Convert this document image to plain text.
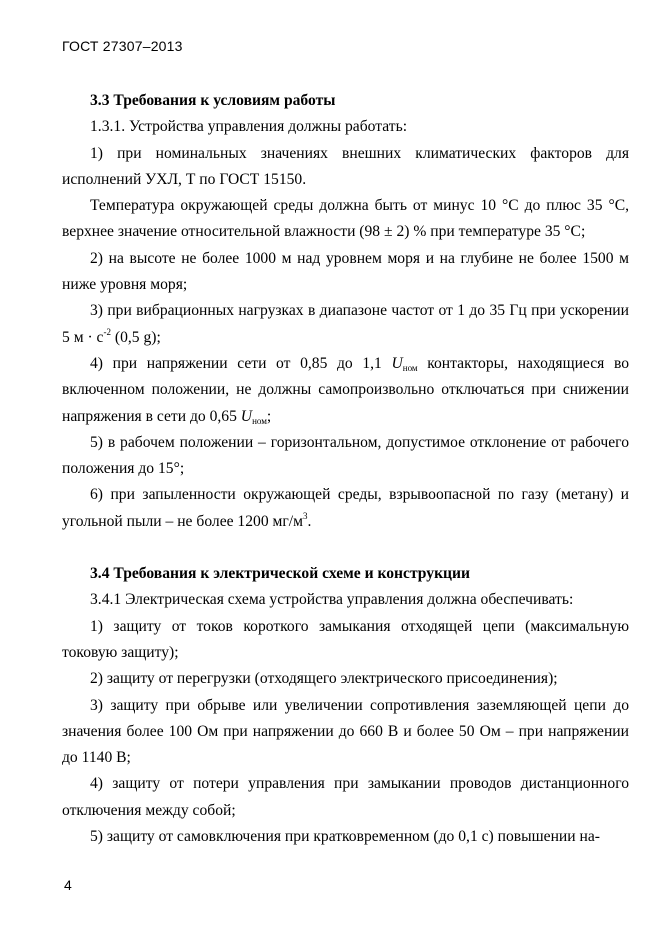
ГОСТ 27307–2013

3.3 Требования к условиям работы

1.3.1. Устройства управления должны работать:

1) при номинальных значениях внешних климатических факторов для исполнений УХЛ, Т по ГОСТ 15150.

Температура окружающей среды должна быть от минус 10 °С до плюс 35 °С, верхнее значение относительной влажности (98 ± 2) % при температуре 35 °С;

2) на высоте не более 1000 м над уровнем моря и на глубине не более 1500 м ниже уровня моря;

3) при вибрационных нагрузках в диапазоне частот от 1 до 35 Гц при ускорении 5 $м \cdot с^{-2}$ (0,5 g);

4) при напряжении сети от 0,85 до 1,1 $U_{ном}$ контакторы, находящиеся во включенном положении, не должны самопроизвольно отключаться при снижении напряжения в сети до 0,65 $U_{ном}$;

5) в рабочем положении – горизонтальном, допустимое отклонение от рабочего положения до 15°;

6) при запыленности окружающей среды, взрывоопасной по газу (метану) и угольной пыли – не более 1200 $мг/м^3$.

3.4 Требования к электрической схеме и конструкции

3.4.1 Электрическая схема устройства управления должна обеспечивать:

1) защиту от токов короткого замыкания отходящей цепи (максимальную токовую защиту);

2) защиту от перегрузки (отходящего электрического присоединения);

3) защиту при обрыве или увеличении сопротивления заземляющей цепи до значения более 100 Ом при напряжении до 660 В и более 50 Ом – при напряжении до 1140 В;

4) защиту от потери управления при замыкании проводов дистанционного отключения между собой;

5) защиту от самовключения при кратковременном (до 0,1 с) повышении на-

4
